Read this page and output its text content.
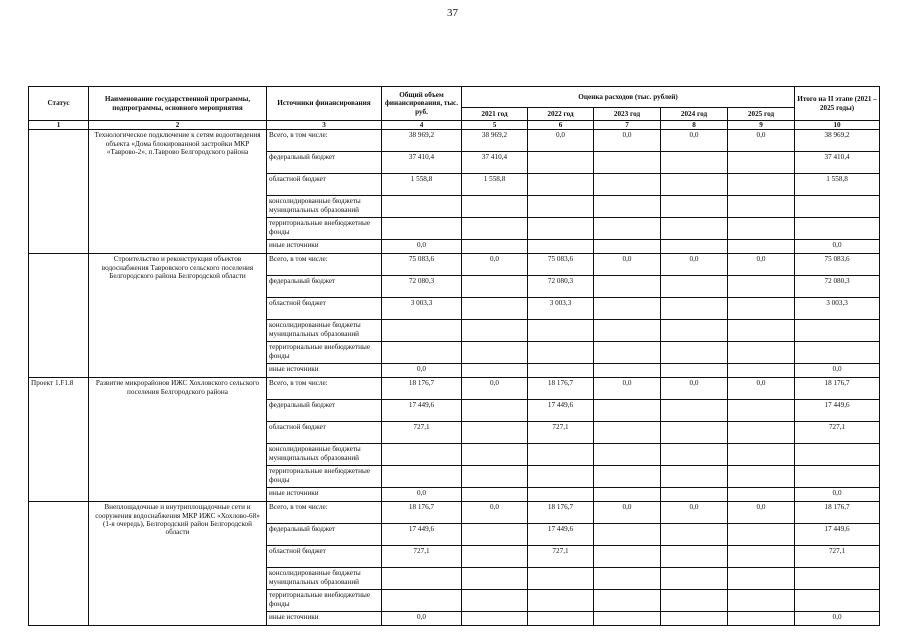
37
Статус	Наименование государственной программы, подпрограммы, основного мероприятия	Источники финансирования	Общий объем финансирования, тыс. руб.	Оценка расходов (тыс. рублей)					Итого на II этапе (2021 – 2025 годы)
				2021 год	2022 год	2023 год	2024 год	2025 год	
1	2	3	4	5	6	7	8	9	10
	Технологическое подключение к сетям водоотведения объекта «Дома блокированной застройки МКР «Таврово-2», п.Таврово Белгородского района	Всего, в том числе:	38 969,2	38 969,2	0,0	0,0	0,0	0,0	38 969,2
		федеральный бюджет	37 410,4	37 410,4					37 410,4
		областной бюджет	1 558,8	1 558,8					1 558,8
		консолидированные бюджеты муниципальных образований							
		территориальные внебюджетные фонды							
		иные источники	0,0						0,0
	Строительство и реконструкция объектов водоснабжения Тавровского сельского поселения Белгородского района Белгородской области	Всего, в том числе:	75 083,6	0,0	75 083,6	0,0	0,0	0,0	75 083,6
		федеральный бюджет	72 080,3		72 080,3				72 080,3
		областной бюджет	3 003,3		3 003,3				3 003,3
		консолидированные бюджеты муниципальных образований							
		территориальные внебюджетные фонды							
		иные источники	0,0						0,0
Проект 1.F1.8	Развитие микрорайонов ИЖС Хохловского сельского поселения Белгородского района	Всего, в том числе:	18 176,7	0,0	18 176,7	0,0	0,0	0,0	18 176,7
		федеральный бюджет	17 449,6		17 449,6				17 449,6
		областной бюджет	727,1		727,1				727,1
		консолидированные бюджеты муниципальных образований							
		территориальные внебюджетные фонды							
		иные источники	0,0						0,0
	Внеплощадочные и внутриплощадочные сети и сооружения водоснабжения МКР ИЖС «Хохлово-68» (1-я очередь), Белгородский район Белгородской области	Всего, в том числе:	18 176,7	0,0	18 176,7	0,0	0,0	0,0	18 176,7
		федеральный бюджет	17 449,6		17 449,6				17 449,6
		областной бюджет	727,1		727,1				727,1
		консолидированные бюджеты муниципальных образований							
		территориальные внебюджетные фонды							
		иные источники	0,0						0,0
